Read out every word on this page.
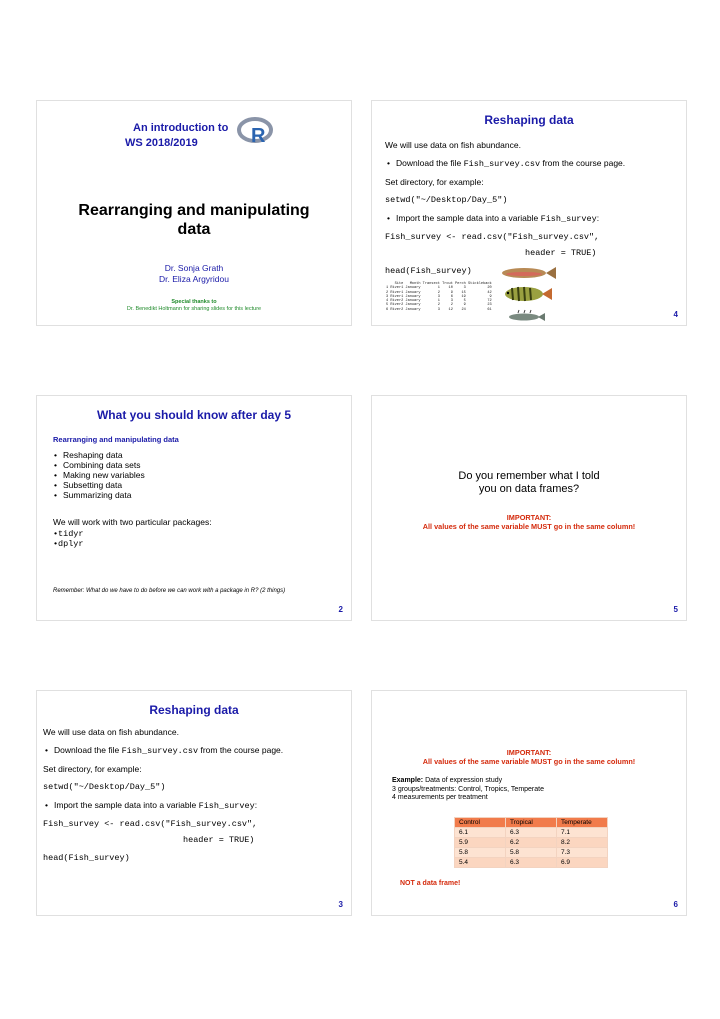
An introduction to
WS 2018/2019	R
Rearranging and manipulating
data
Dr. Sonja Grath
Dr. Eliza Argyridou
Special thanks to
Dr. Benedikt Holtmann for sharing slides for this lecture
Reshaping data
We will use data on fish abundance.
• Download the file Fish_survey.csv from the course page.
Set directory, for example:
setwd("~/Desktop/Day_5")
• Import the sample data into a variable Fish_survey:
Fish_survey <- read.csv("Fish_survey.csv",
header = TRUE)
head(Fish_survey)
Site   Month Transect Trout Perch Stickleback
1 River1 January        1    10     3          20
2 River1 January        2     9    15          42
3 River1 January        3     6    19           9
4 River2 January        1     3     5          72
5 River2 January        2     2     9          23
6 River2 January        3    12    24          61
4
What you should know after day 5
Rearranging and manipulating data
• Reshaping data
• Combining data sets
• Making new variables
• Subsetting data
• Summarizing data
We will work with two particular packages:
• tidyr
• dplyr
Remember: What do we have to do before we can work with a package in R? (2 things)
2
Do you remember what I told
you on data frames?
IMPORTANT:
All values of the same variable MUST go in the same column!
5
Reshaping data
We will use data on fish abundance.
• Download the file Fish_survey.csv from the course page.
Set directory, for example:
setwd("~/Desktop/Day_5")
• Import the sample data into a variable Fish_survey:
Fish_survey <- read.csv("Fish_survey.csv",
header = TRUE)
head(Fish_survey)
3
IMPORTANT:
All values of the same variable MUST go in the same column!
Example: Data of expression study
3 groups/treatments: Control, Tropics, Temperate
4 measurements per treatment
Control	Tropical	Temperate
6.1	6.3	7.1
5.9	6.2	8.2
5.8	5.8	7.3
5.4	6.3	6.9
NOT a data frame!
6
